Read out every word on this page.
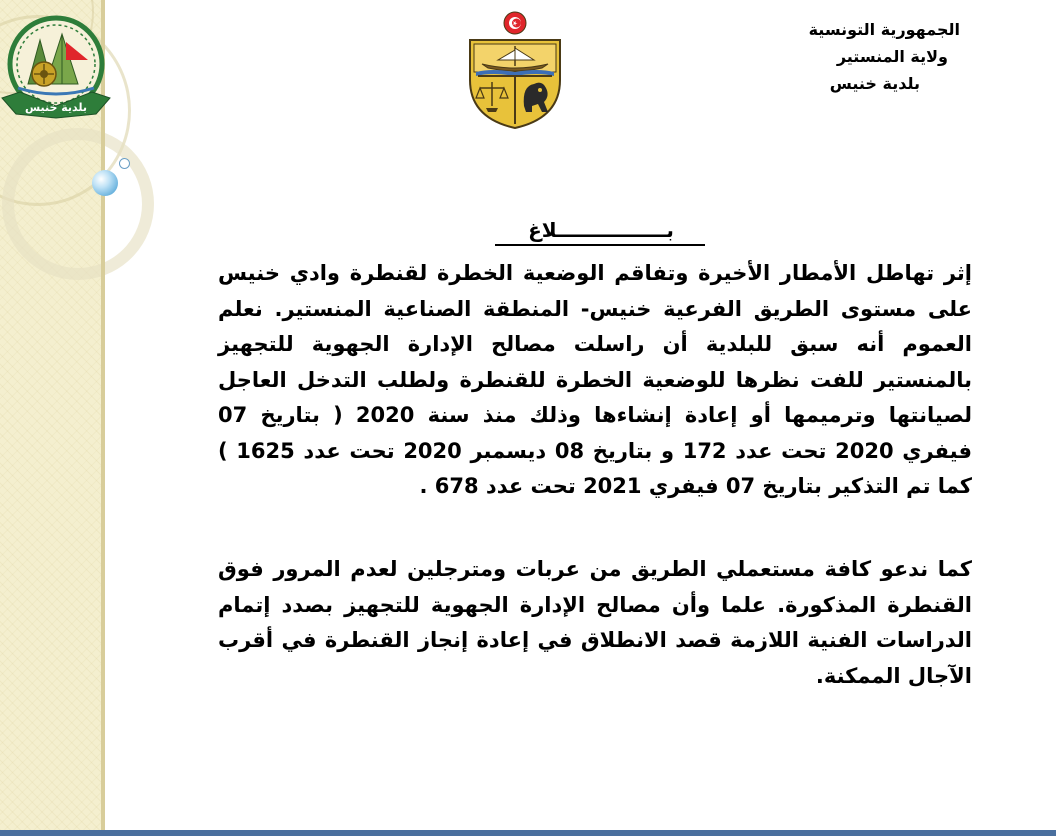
بلدية خنيس
الجمهورية التونسية
ولاية المنستير
بلدية خنيس
بــــــــــــــــلاغ
إثر تهاطل الأمطار الأخيرة وتفاقم الوضعية الخطرة لقنطرة وادي خنيس على مستوى الطريق الفرعية خنيس- المنطقة الصناعية المنستير. نعلم العموم أنه سبق للبلدية أن راسلت مصالح الإدارة الجهوية للتجهيز بالمنستير للفت نظرها للوضعية الخطرة للقنطرة ولطلب التدخل العاجل لصيانتها وترميمها أو إعادة إنشاءها وذلك منذ سنة 2020 ( بتاريخ 07 فيفري 2020 تحت عدد 172 و بتاريخ 08 ديسمبر 2020 تحت عدد 1625 ) كما تم التذكير بتاريخ 07 فيفري 2021 تحت عدد 678 .
كما ندعو كافة مستعملي الطريق من عربات ومترجلين لعدم المرور فوق القنطرة المذكورة. علما وأن مصالح الإدارة الجهوية للتجهيز بصدد إتمام الدراسات الفنية اللازمة قصد الانطلاق في إعادة إنجاز القنطرة في أقرب الآجال الممكنة.
